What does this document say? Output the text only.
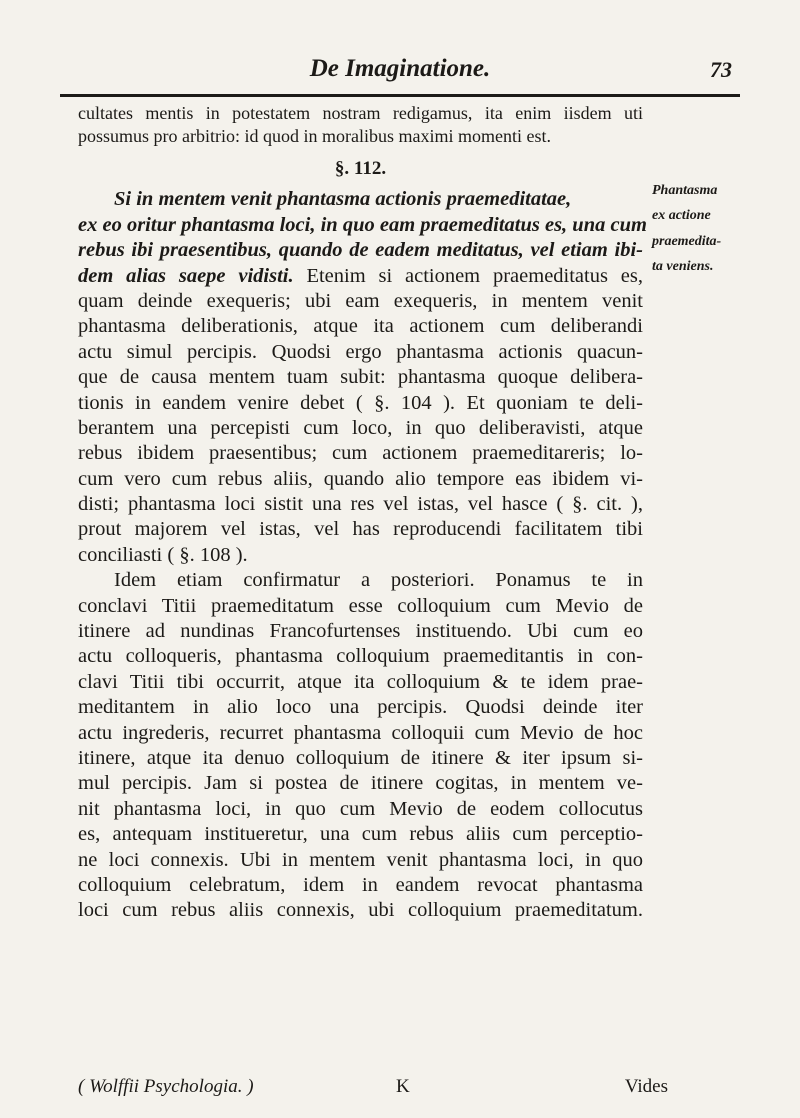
De Imaginatione.	73
cultates mentis in potestatem nostram redigamus, ita enim iisdem uti
possumus pro arbitrio: id quod in moralibus maximi momenti est.
§. 112.
Si in mentem venit phantasma actionis praemeditatae,
ex eo oritur phantasma loci, in quo eam praemeditatus es, una cum
rebus ibi praesentibus, quando de eadem meditatus, vel etiam ibi-
dem alias saepe vidisti. Etenim si actionem praemeditatus es,
quam deinde exequeris; ubi eam exequeris, in mentem venit
phantasma deliberationis, atque ita actionem cum deliberandi
actu simul percipis. Quodsi ergo phantasma actionis quacun-
que de causa mentem tuam subit: phantasma quoque delibera-
tionis in eandem venire debet ( §. 104 ). Et quoniam te deli-
berantem una percepisti cum loco, in quo deliberavisti, atque
rebus ibidem praesentibus; cum actionem praemeditareris; lo-
cum vero cum rebus aliis, quando alio tempore eas ibidem vi-
disti; phantasma loci sistit una res vel istas, vel hasce ( §. cit. ),
prout majorem vel istas, vel has reproducendi facilitatem tibi
conciliasti ( §. 108 ).
Idem etiam confirmatur a posteriori. Ponamus te in
conclavi Titii praemeditatum esse colloquium cum Mevio de
itinere ad nundinas Francofurtenses instituendo. Ubi cum eo
actu colloqueris, phantasma colloquium praemeditantis in con-
clavi Titii tibi occurrit, atque ita colloquium & te idem prae-
meditantem in alio loco una percipis. Quodsi deinde iter
actu ingrederis, recurret phantasma colloquii cum Mevio de hoc
itinere, atque ita denuo colloquium de itinere & iter ipsum si-
mul percipis. Jam si postea de itinere cogitas, in mentem ve-
nit phantasma loci, in quo cum Mevio de eodem collocutus
es, antequam institueretur, una cum rebus aliis cum perceptio-
ne loci connexis. Ubi in mentem venit phantasma loci, in quo
colloquium celebratum, idem in eandem revocat phantasma
loci cum rebus aliis connexis, ubi colloquium praemeditatum.
Phantasma
ex actione
praemedita-
ta veniens.
( Wolffii Psychologia. )	K	Vides
